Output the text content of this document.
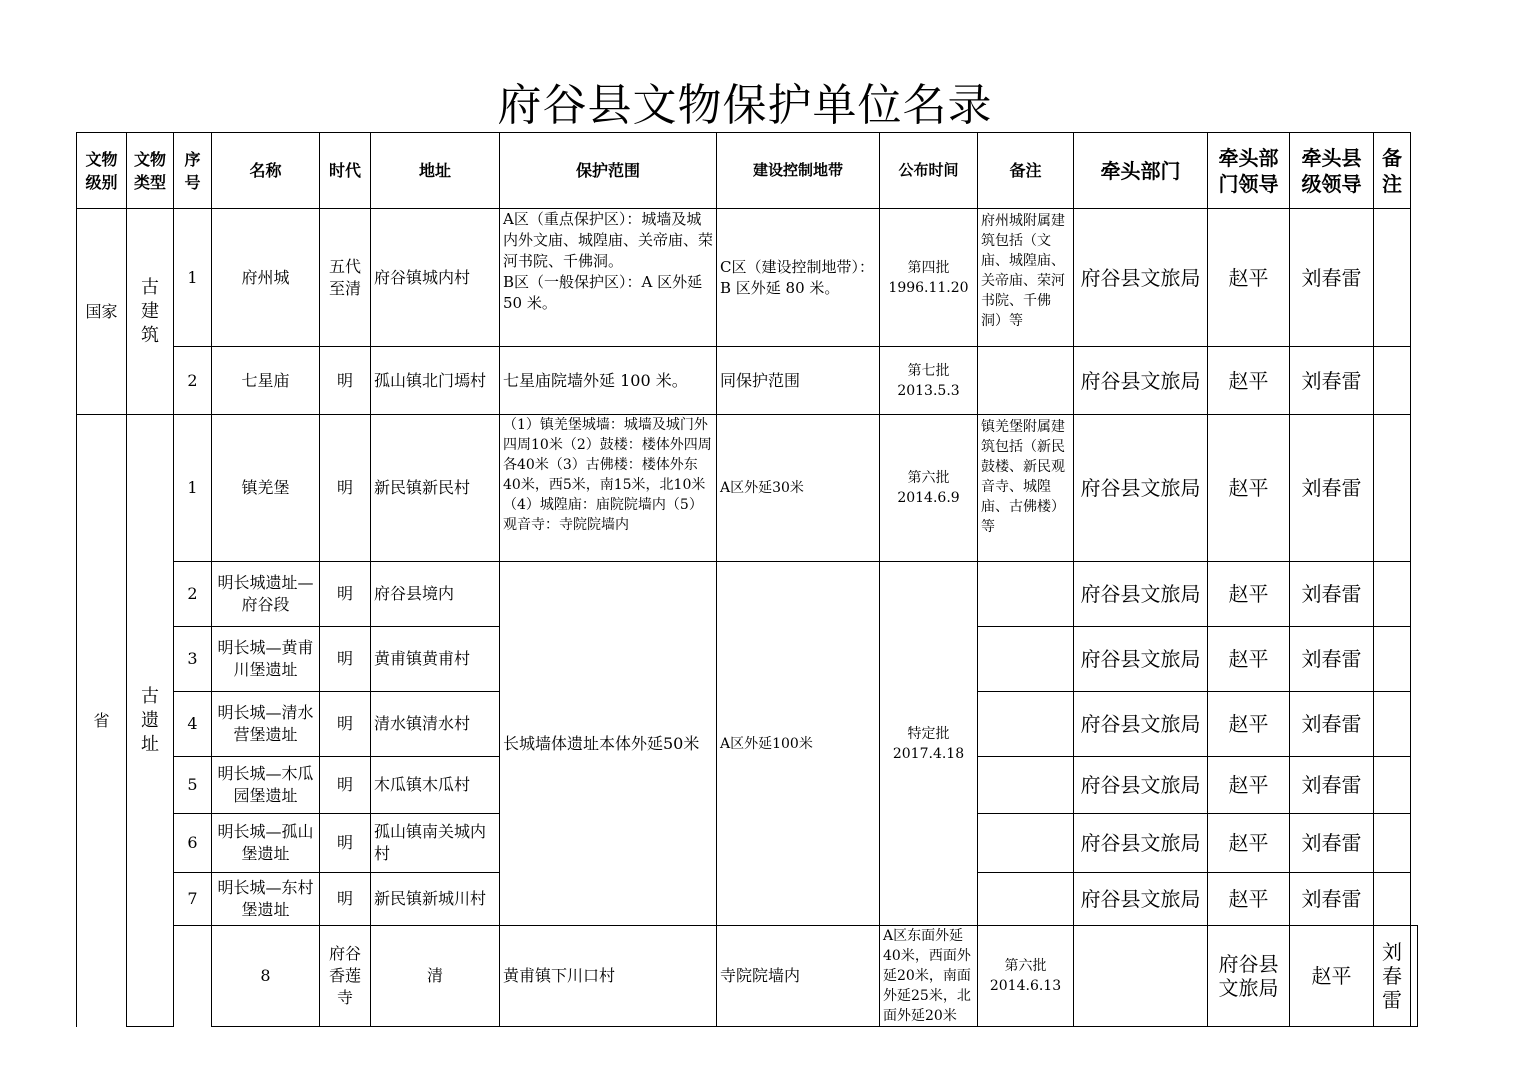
府谷县文物保护单位名录
文物级别	文物类型	序号	名称	时代	地址	保护范围	建设控制地带	公布时间	备注	牵头部门	牵头部门领导	牵头县级领导	备注	
国家	古建筑	1	府州城	五代至清	府谷镇城内村	A区（重点保护区）：城墙及城内外文庙、城隍庙、关帝庙、荣河书院、千佛洞。
B区（一般保护区）：A 区外延 50 米。	C区（建设控制地带）：B 区外延 80 米。	第四批
1996.11.20	府州城附属建筑包括（文庙、城隍庙、关帝庙、荣河书院、千佛洞）等	府谷县文旅局	赵平	刘春雷		
		2	七星庙	明	孤山镇北门墕村	七星庙院墙外延 100 米。	同保护范围	第七批
2013.5.3		府谷县文旅局	赵平	刘春雷		
省	古遗址	1	镇羌堡	明	新民镇新民村	（1）镇羌堡城墙：城墙及城门外四周10米（2）鼓楼：楼体外四周各40米（3）古佛楼：楼体外东40米，西5米，南15米，北10米 （4）城隍庙：庙院院墙内（5）观音寺：寺院院墙内	A区外延30米	第六批
2014.6.9	镇羌堡附属建筑包括（新民鼓楼、新民观音寺、城隍庙、古佛楼）等	府谷县文旅局	赵平	刘春雷		
		2	明长城遗址—府谷段	明	府谷县境内	长城墙体遗址本体外延50米	A区外延100米	特定批
2017.4.18		府谷县文旅局	赵平	刘春雷		
		3	明长城—黄甫川堡遗址	明	黄甫镇黄甫村					府谷县文旅局	赵平	刘春雷		
		4	明长城—清水营堡遗址	明	清水镇清水村					府谷县文旅局	赵平	刘春雷		
		5	明长城—木瓜园堡遗址	明	木瓜镇木瓜村					府谷县文旅局	赵平	刘春雷		
		6	明长城—孤山堡遗址	明	孤山镇南关城内村					府谷县文旅局	赵平	刘春雷		
		7	明长城—东村堡遗址	明	新民镇新城川村					府谷县文旅局	赵平	刘春雷		
			8	府谷香莲寺	清	黄甫镇下川口村	寺院院墙内	A区东面外延40米，西面外延20米，南面外延25米，北面外延20米	第六批
2014.6.13		府谷县文旅局	赵平	刘春雷	
